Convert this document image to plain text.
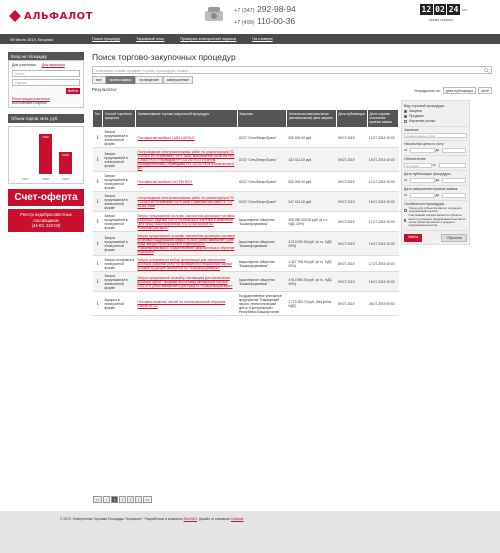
АЛЬФАЛОТ	+7 (347) 292-98-94
+7 (499) 110-00-36
12 02 24	сек
время сервера
09 Июля 2019, Вторник	Поиск процедур	Тарифный план	Проверка электронной подписи	На главную
Вход на площадку
Для участника Для заказчика
Логин
Пароль
Войти
Регистрация участника
Восстановить пароль
Объем торгов, млн. руб.
2017
7342
2018
4019
2019
Счет-оферта
Реестр недобросовестных поставщиков
(44-03, 223-03)
Поиск торгово-закупочных процедур
ключевые слова: предмет торгов, процедура, номер...
все	прием заявок	проведение	завершенные
Упорядочить по:	дата публикации	цене
Результаты:
Тип	Способ торгового процесса	Наименование торгово-закупочной процедуры	Заказчик	Начальная максимальная (минимальная) цена закупки	Дата публикации	Дата и время окончания приема заявок
ℹ	Запрос предложений в электронной форме	Поставка автомобиля LADA LARGUS	ООО "СетьЭнергоТранс"	530 000.00 руб.	09.07.2019	12.07.2019 10:00
ℹ	Запрос предложений в электронной форме	На проведение электромонтажных работ по реконструкции ПС 110/35/6 кВ «Ежевская», ОРУ-35кВ, выключатель 35 кВ на РЕG 2-35кВ УХЛ1 с приводом РРГ-02.26 УХЛ1 с учетом разъединителями с приводами РРГ-02.26 УХЛ1 в количестве 6 шт.	ООО "СетьЭнергоТранс"	122 412.00 руб.	09.07.2019	15.07.2019 10:00
ℹ	Запрос предложений в электронной форме	Поставка автомобиля УАЗ PATRIOT	ООО "СетьЭнергоТранс"	530 000.00 руб.	09.07.2019	12.07.2019 10:00
ℹ	Запрос предложений в электронной форме	На проведение электромонтажных работ по реконструкции ПС 110/35/6 кВ «Ежевская» ОРУ-35кВ с заменой МВ-35кВ Т1, Т-2 на ВВ-35кВ	ООО "СетьЭнергоТранс"	247 421.00 руб.	09.07.2019	15.07.2019 10:00
ℹ	Запрос предложений в электронной форме	Запрос предложений на право заключения договоров поставки резиновых изделий ЕВРО технического значения и комплекта (для нужд Башинформсвязь КЛ) 43 филиалов АО «Башинформсвязь»	Акционерное общество "Башинформсвязь"	305 280 000.00 руб. (в т.ч. НДС 20%)	09.07.2019	17.07.2019 10:00
ℹ	Запрос предложений в электронной форме	Запрос предложений на право заключения договоров поставки установок поддержания среды ПК 5000 (либо эквивалент) для нужд завода Респстройсталь и филиала АО «Башинформсвязь», осуществление шеф-монтажа и обучение персонала	Акционерное общество "Башинформсвязь"	3 213 000.00 руб. (в т.ч. НДС 20%)	09.07.2019	19.07.2019 10:00
ℹ	Запрос котировок в электронной форме	Запрос котировок на выбор организации для заключения договора оказания услуг по проведению специальной оценки условий труда для филиалов АО «Башинформсвязь»	Акционерное общество "Башинформсвязь"	1 427 706.00 руб. (в т.ч. НДС 20%)	09.07.2019	17.07.2019 10:00
ℹ	Запрос предложений в электронной форме	Запрос предложений на выбор поставщика для заключения договора купли - продажи на поставку автомобиля Renault DUSTER (либо эквивалент) для нужд АО «Башинформсвязь»	Акционерное общество "Башинформсвязь"	4 914 960.00 руб. (в т.ч. НДС 20%)	09.07.2019	15.07.2019 10:00
ℹ	Аукцион в электронной форме	Поставка запасных частей на телескопический погрузчик Bobcat 3071L	Государственное унитарное предприятие "Башкирский научно-технологический центр «Центральный» Республики Башкортостан	1 770 352.70 руб. (без учета НДС)	09.07.2019	26.07.2019 09:00
Вид торговой процедуры
Закупки
Продажи
Изучение рынка
Заказчик
Наименование, ИНН
Начальная цена по лоту
от	до
Обеспечение
Не важно	от
Дата публикации процедуры
от	до
Дата завершения приема заявок
от	до
Особенности процедуры
Только для субъектов малого и среднего предпринимательства
Участниками закупки являются субъекты малого и среднего предпринимательства из числа субъектов малого и среднего предпринимательства
Найти	Сбросить
<<	<	1	2	3	>	>>
© 2019, Электронная Торговая Площадка "Альфалот". Разработано в компании SeLINEX. Дизайн от компании Cattrade
